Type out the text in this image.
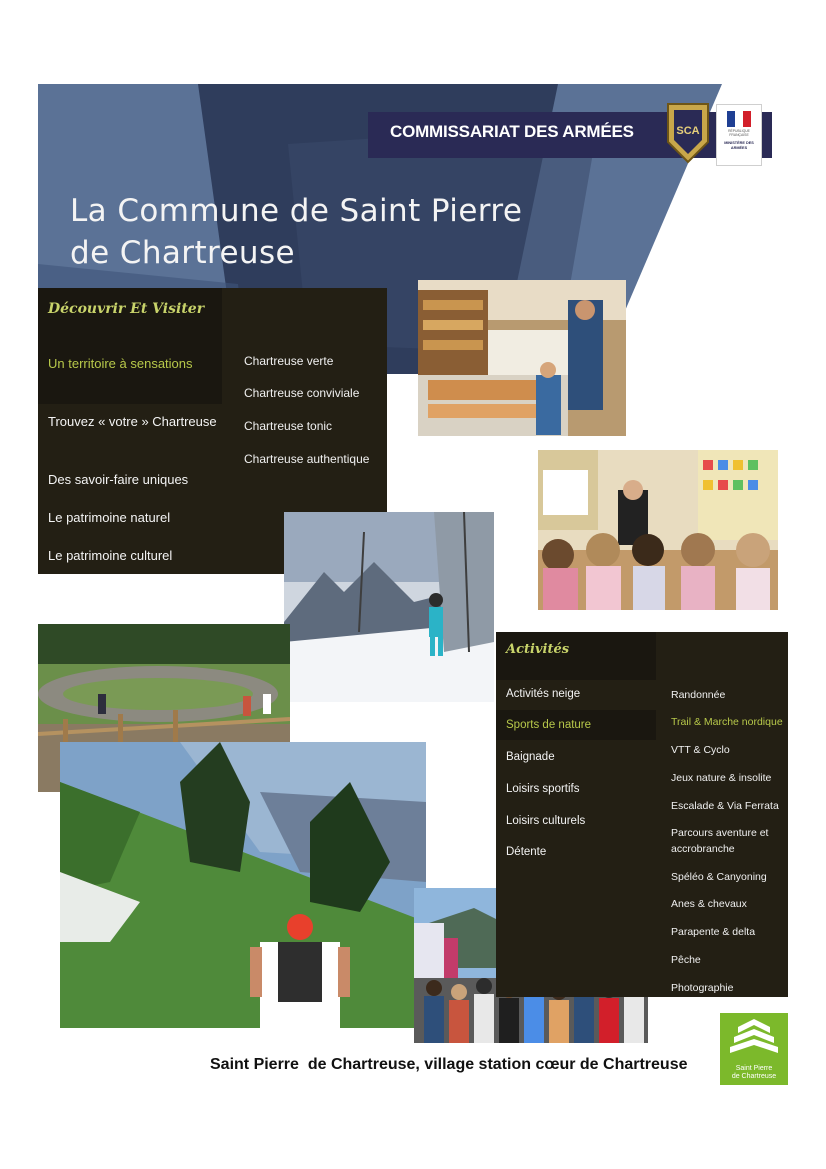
COMMISSARIAT DES ARMÉES	SCA	RÉPUBLIQUE FRANÇAISE
MINISTÈRE DES ARMÉES
La Commune de Saint Pierre
de Chartreuse
Découvrir Et Visiter
Un territoire à sensations
Trouvez « votre » Chartreuse
Des savoir-faire uniques
Le patrimoine naturel
Le patrimoine culturel
Chartreuse verte
Chartreuse conviviale
Chartreuse tonic
Chartreuse authentique
Activités
Activités neige
Sports de nature
Baignade
Loisirs sportifs
Loisirs culturels
Détente
Randonnée
Trail & Marche nordique
VTT & Cyclo
Jeux nature & insolite
Escalade & Via Ferrata
Parcours aventure et accrobranche
Spéléo & Canyoning
Anes & chevaux
Parapente & delta
Pêche
Photographie
Saint Pierre  de Chartreuse, village station cœur de Chartreuse	Saint Pierre
de Chartreuse
